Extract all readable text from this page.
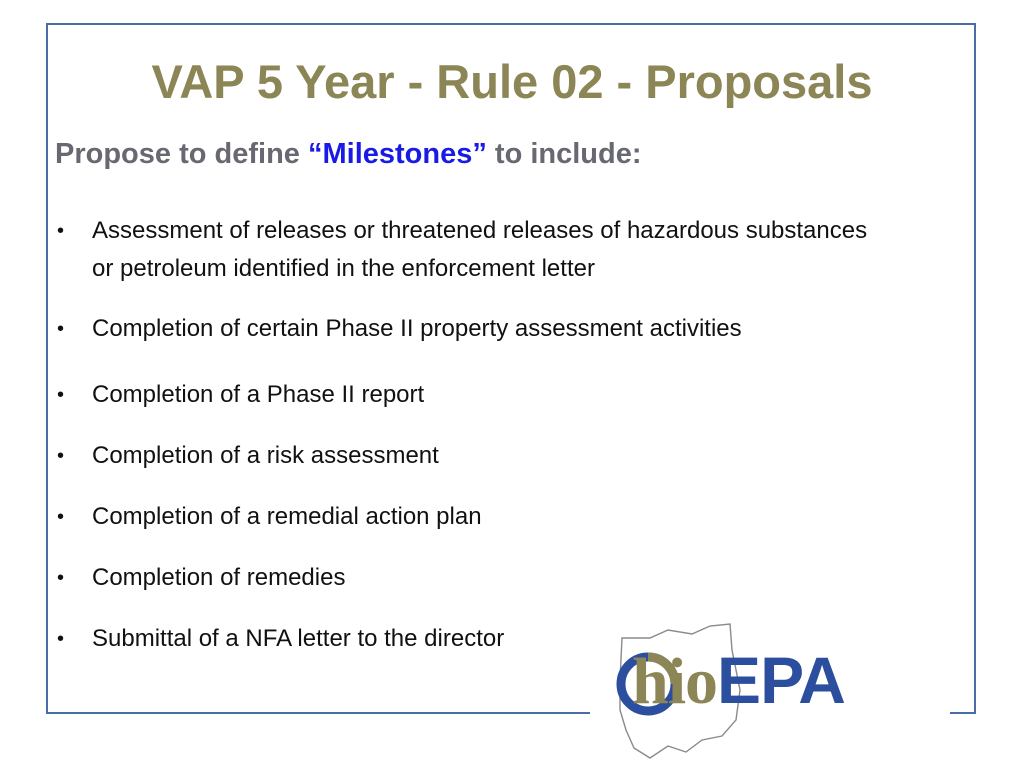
VAP 5 Year - Rule 02 - Proposals
Propose to define “Milestones” to include:
• Assessment of releases or threatened releases of hazardous substances or petroleum identified in the enforcement letter
• Completion of certain Phase II property assessment activities
• Completion of a Phase II report
• Completion of a risk assessment
• Completion of a remedial action plan
• Completion of remedies
• Submittal of a NFA letter to the director
hioEPA
